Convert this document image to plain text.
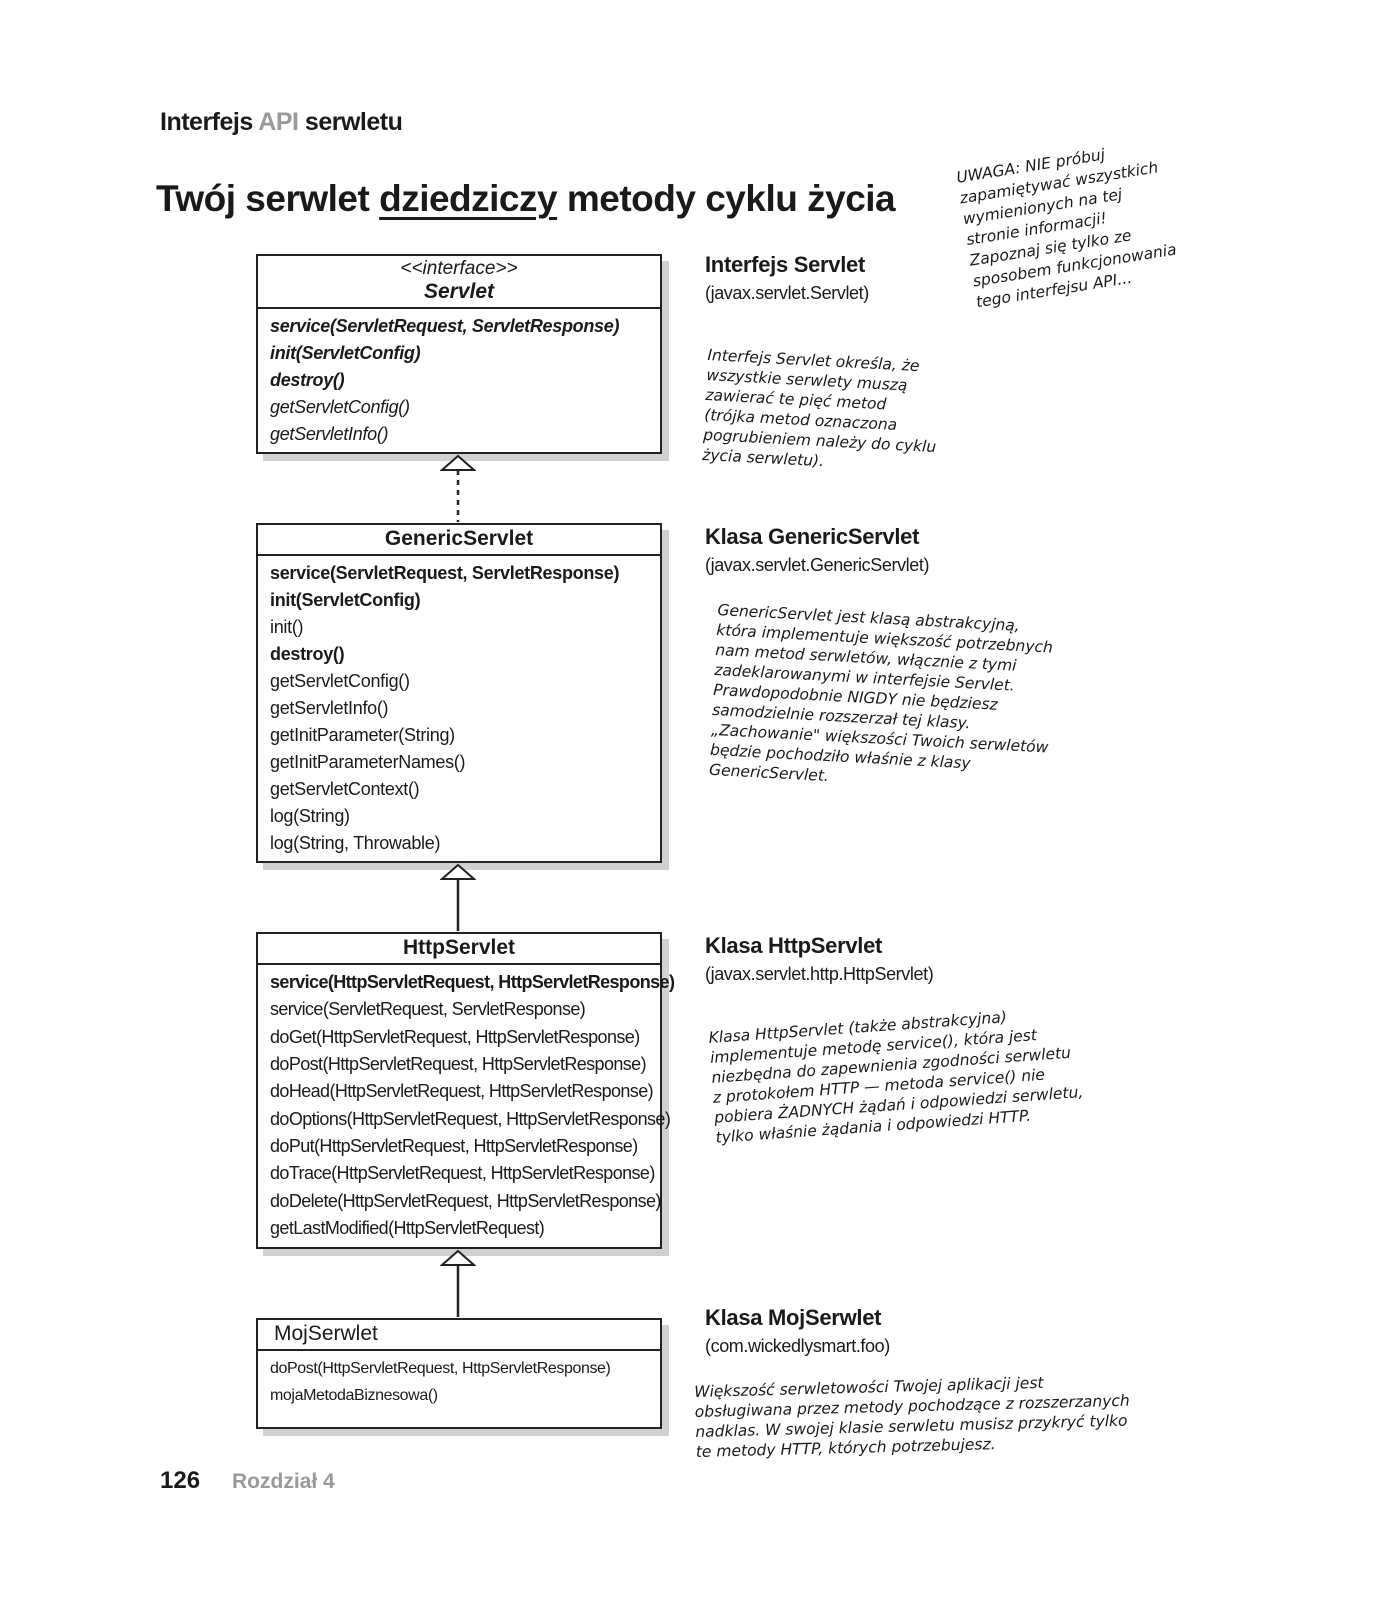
Interfejs API serwletu
Twój serwlet dziedziczy metody cyklu życia
UWAGA: NIE próbuj
zapamiętywać wszystkich
wymienionych na tej
stronie informacji!
Zapoznaj się tylko ze
sposobem funkcjonowania
tego interfejsu API...
<<interface>>
Servlet
service(ServletRequest, ServletResponse)
init(ServletConfig)
destroy()
getServletConfig()
getServletInfo()
GenericServlet
service(ServletRequest, ServletResponse)
init(ServletConfig)
init()
destroy()
getServletConfig()
getServletInfo()
getInitParameter(String)
getInitParameterNames()
getServletContext()
log(String)
log(String, Throwable)
HttpServlet
service(HttpServletRequest, HttpServletResponse)
service(ServletRequest, ServletResponse)
doGet(HttpServletRequest, HttpServletResponse)
doPost(HttpServletRequest, HttpServletResponse)
doHead(HttpServletRequest, HttpServletResponse)
doOptions(HttpServletRequest, HttpServletResponse)
doPut(HttpServletRequest, HttpServletResponse)
doTrace(HttpServletRequest, HttpServletResponse)
doDelete(HttpServletRequest, HttpServletResponse)
getLastModified(HttpServletRequest)
MojSerwlet
doPost(HttpServletRequest, HttpServletResponse)
mojaMetodaBiznesowa()
Interfejs Servlet
(javax.servlet.Servlet)
Interfejs Servlet określa, że
wszystkie serwlety muszą
zawierać te pięć metod
(trójka metod oznaczona
pogrubieniem należy do cyklu
życia serwletu).
Klasa GenericServlet
(javax.servlet.GenericServlet)
GenericServlet jest klasą abstrakcyjną,
która implementuje większość potrzebnych
nam metod serwletów, włącznie z tymi
zadeklarowanymi w interfejsie Servlet.
Prawdopodobnie NIGDY nie będziesz
samodzielnie rozszerzał tej klasy.
„Zachowanie" większości Twoich serwletów
będzie pochodziło właśnie z klasy
GenericServlet.
Klasa HttpServlet
(javax.servlet.http.HttpServlet)
Klasa HttpServlet (także abstrakcyjna)
implementuje metodę service(), która jest
niezbędna do zapewnienia zgodności serwletu
z protokołem HTTP — metoda service() nie
pobiera ŻADNYCH żądań i odpowiedzi serwletu,
tylko właśnie żądania i odpowiedzi HTTP.
Klasa MojSerwlet
(com.wickedlysmart.foo)
Większość serwletowości Twojej aplikacji jest
obsługiwana przez metody pochodzące z rozszerzanych
nadklas. W swojej klasie serwletu musisz przykryć tylko
te metody HTTP, których potrzebujesz.
126 Rozdział 4
